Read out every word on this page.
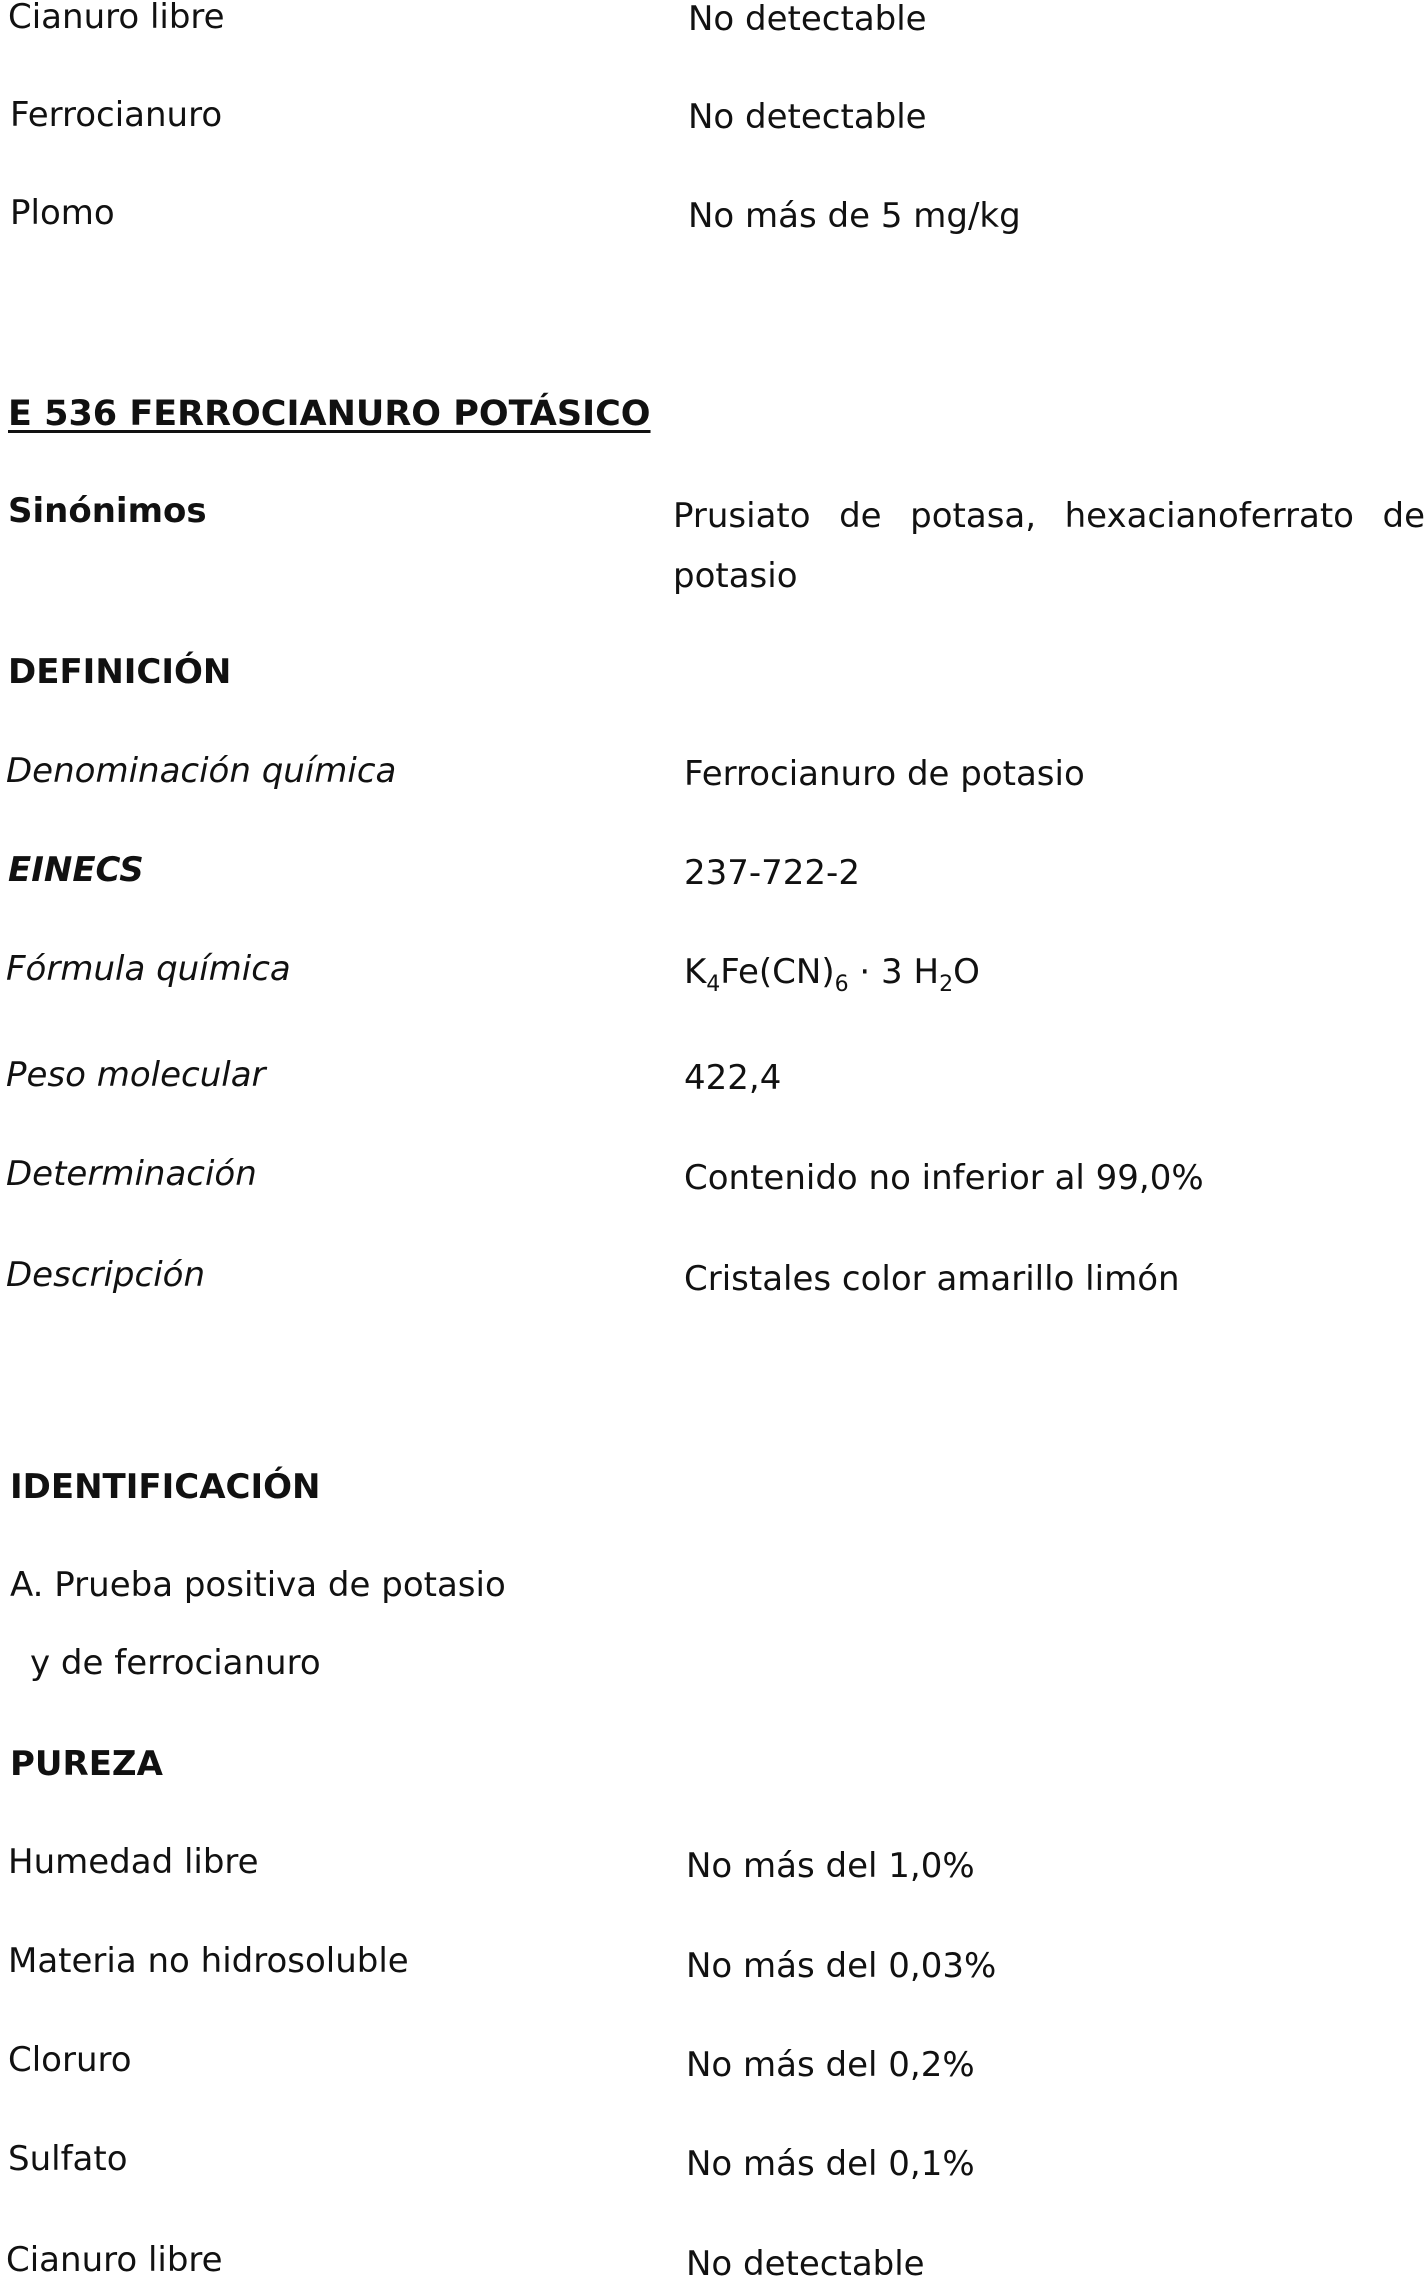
Cianuro libre	No detectable
Ferrocianuro	No detectable
Plomo	No más de 5 mg/kg
E 536 FERROCIANURO POTÁSICO
Sinónimos	Prusiato de potasa, hexacianoferrato de potasio
DEFINICIÓN
Denominación química	Ferrocianuro de potasio
EINECS	237-722-2
Fórmula química	$K_4Fe(CN)_6 \cdot 3$ $H_2O$
Peso molecular	422,4
Determinación	Contenido no inferior al 99,0%
Descripción	Cristales color amarillo limón
IDENTIFICACIÓN
A. Prueba positiva de potasio
y de ferrocianuro
PUREZA
Humedad libre	No más del 1,0%
Materia no hidrosoluble	No más del 0,03%
Cloruro	No más del 0,2%
Sulfato	No más del 0,1%
Cianuro libre	No detectable
